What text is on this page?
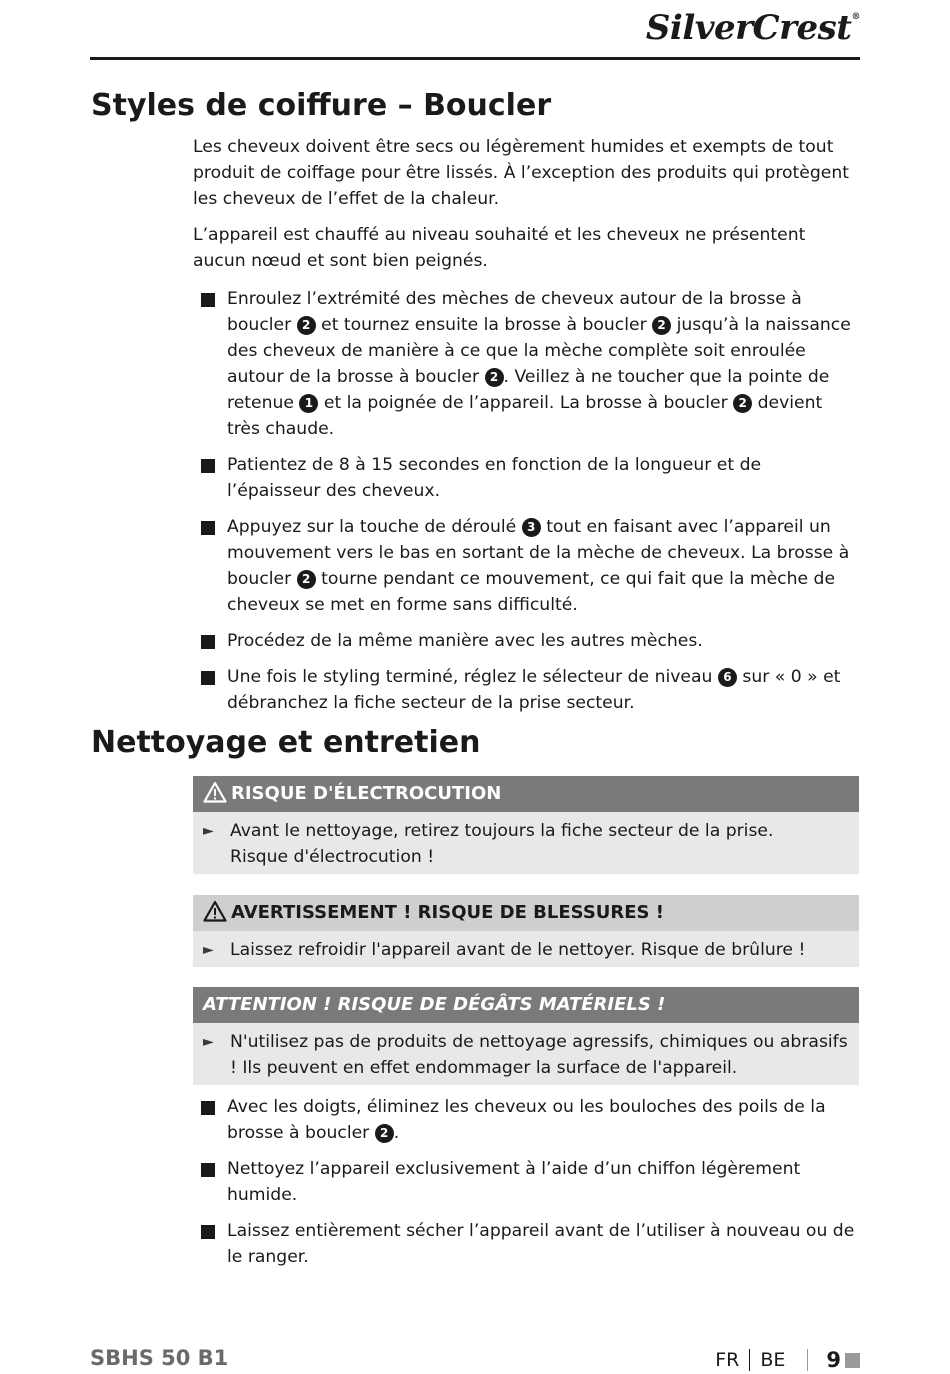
SilverCrest®
Styles de coiffure – Boucler

Les cheveux doivent être secs ou légèrement humides et exempts de tout produit de coiffage pour être lissés. À l’exception des produits qui protègent les cheveux de l’effet de la chaleur.

L’appareil est chauffé au niveau souhaité et les cheveux ne présentent aucun nœud et sont bien peignés.

Enroulez l’extrémité des mèches de cheveux autour de la brosse à boucler 2 et tournez ensuite la brosse à boucler 2 jusqu’à la naissance des cheveux de manière à ce que la mèche complète soit enroulée autour de la brosse à boucler 2 . Veillez à ne toucher que la pointe de retenue 1 et la poignée de l’appareil. La brosse à boucler 2 devient très chaude.
Patientez de 8 à 15 secondes en fonction de la longueur et de l’épaisseur des cheveux.
Appuyez sur la touche de déroulé 3 tout en faisant avec l’appareil un mouvement vers le bas en sortant de la mèche de cheveux. La brosse à boucler 2 tourne pendant ce mouvement, ce qui fait que la mèche de cheveux se met en forme sans difficulté.
Procédez de la même manière avec les autres mèches.
Une fois le styling terminé, réglez le sélecteur de niveau 6 sur « 0 » et débranchez la fiche secteur de la prise secteur.
Nettoyage et entretien
RISQUE D'ÉLECTROCUTION
► Avant le nettoyage, retirez toujours la fiche secteur de la prise.
Risque d'électrocution !
AVERTISSEMENT ! RISQUE DE BLESSURES !
► Laissez refroidir l'appareil avant de le nettoyer. Risque de brûlure !
ATTENTION ! RISQUE DE DÉGÂTS MATÉRIELS !
► N'utilisez pas de produits de nettoyage agressifs, chimiques ou abrasifs ! Ils peuvent en effet endommager la surface de l'appareil.
Avec les doigts, éliminez les cheveux ou les bouloches des poils de la brosse à boucler 2 .
Nettoyez l’appareil exclusivement à l’aide d’un chiffon légèrement humide.
Laissez entièrement sécher l’appareil avant de l’utiliser à nouveau ou de le ranger.
SBHS 50 B1	FR BE 9
